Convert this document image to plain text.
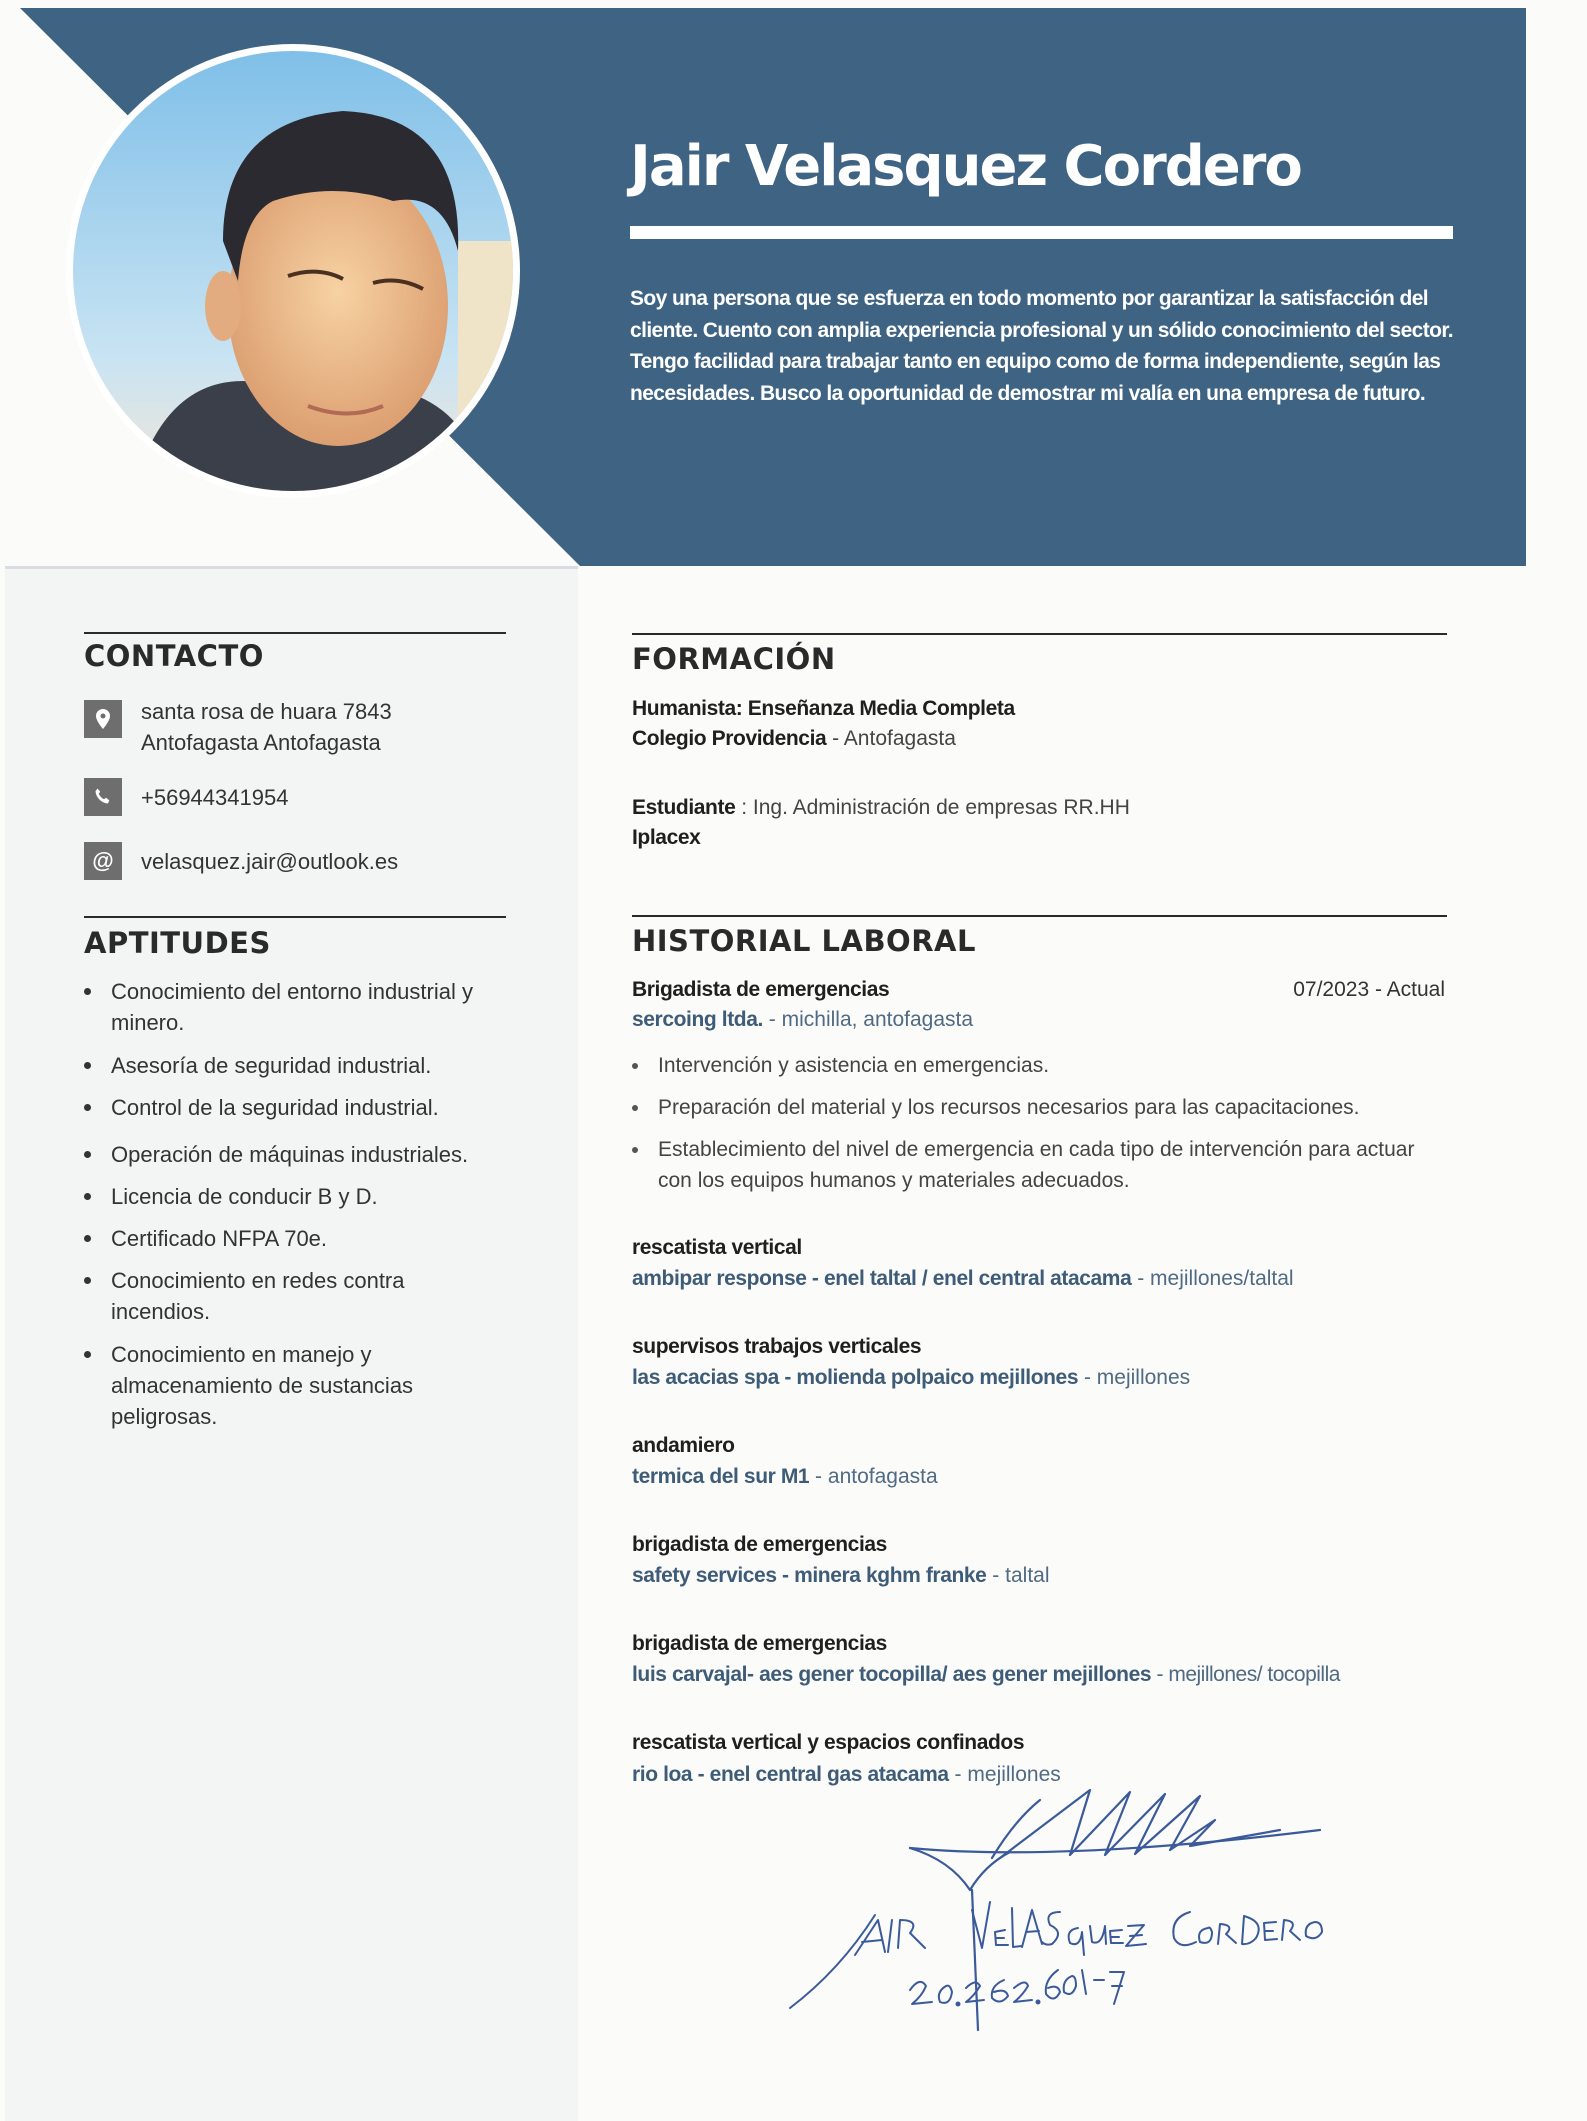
Jair Velasquez Cordero
Soy una persona que se esfuerza en todo momento por garantizar la satisfacción del cliente. Cuento con amplia experiencia profesional y un sólido conocimiento del sector. Tengo facilidad para trabajar tanto en equipo como de forma independiente, según las necesidades. Busco la oportunidad de demostrar mi valía en una empresa de futuro.
CONTACTO
santa rosa de huara 7843
Antofagasta Antofagasta
+56944341954
@ velasquez.jair@outlook.es
APTITUDES
Conocimiento del entorno industrial y minero.
Asesoría de seguridad industrial.
Control de la seguridad industrial.
Operación de máquinas industriales.
Licencia de conducir B y D.
Certificado NFPA 70e.
Conocimiento en redes contra incendios.
Conocimiento en manejo y almacenamiento de sustancias peligrosas.
FORMACIÓN
Humanista: Enseñanza Media Completa
Colegio Providencia - Antofagasta
Estudiante : Ing. Administración de empresas RR.HH
Iplacex
HISTORIAL LABORAL
Brigadista de emergencias	07/2023 - Actual
sercoing ltda. - michilla, antofagasta
Intervención y asistencia en emergencias.
Preparación del material y los recursos necesarios para las capacitaciones.
Establecimiento del nivel de emergencia en cada tipo de intervención para actuar con los equipos humanos y materiales adecuados.
rescatista vertical
ambipar response - enel taltal / enel central atacama - mejillones/taltal
supervisos trabajos verticales
las acacias spa - molienda polpaico mejillones - mejillones
andamiero
termica del sur M1 - antofagasta
brigadista de emergencias
safety services - minera kghm franke - taltal
brigadista de emergencias
luis carvajal- aes gener tocopilla/ aes gener mejillones - mejillones/ tocopilla
rescatista vertical y espacios confinados
rio loa - enel central gas atacama - mejillones
